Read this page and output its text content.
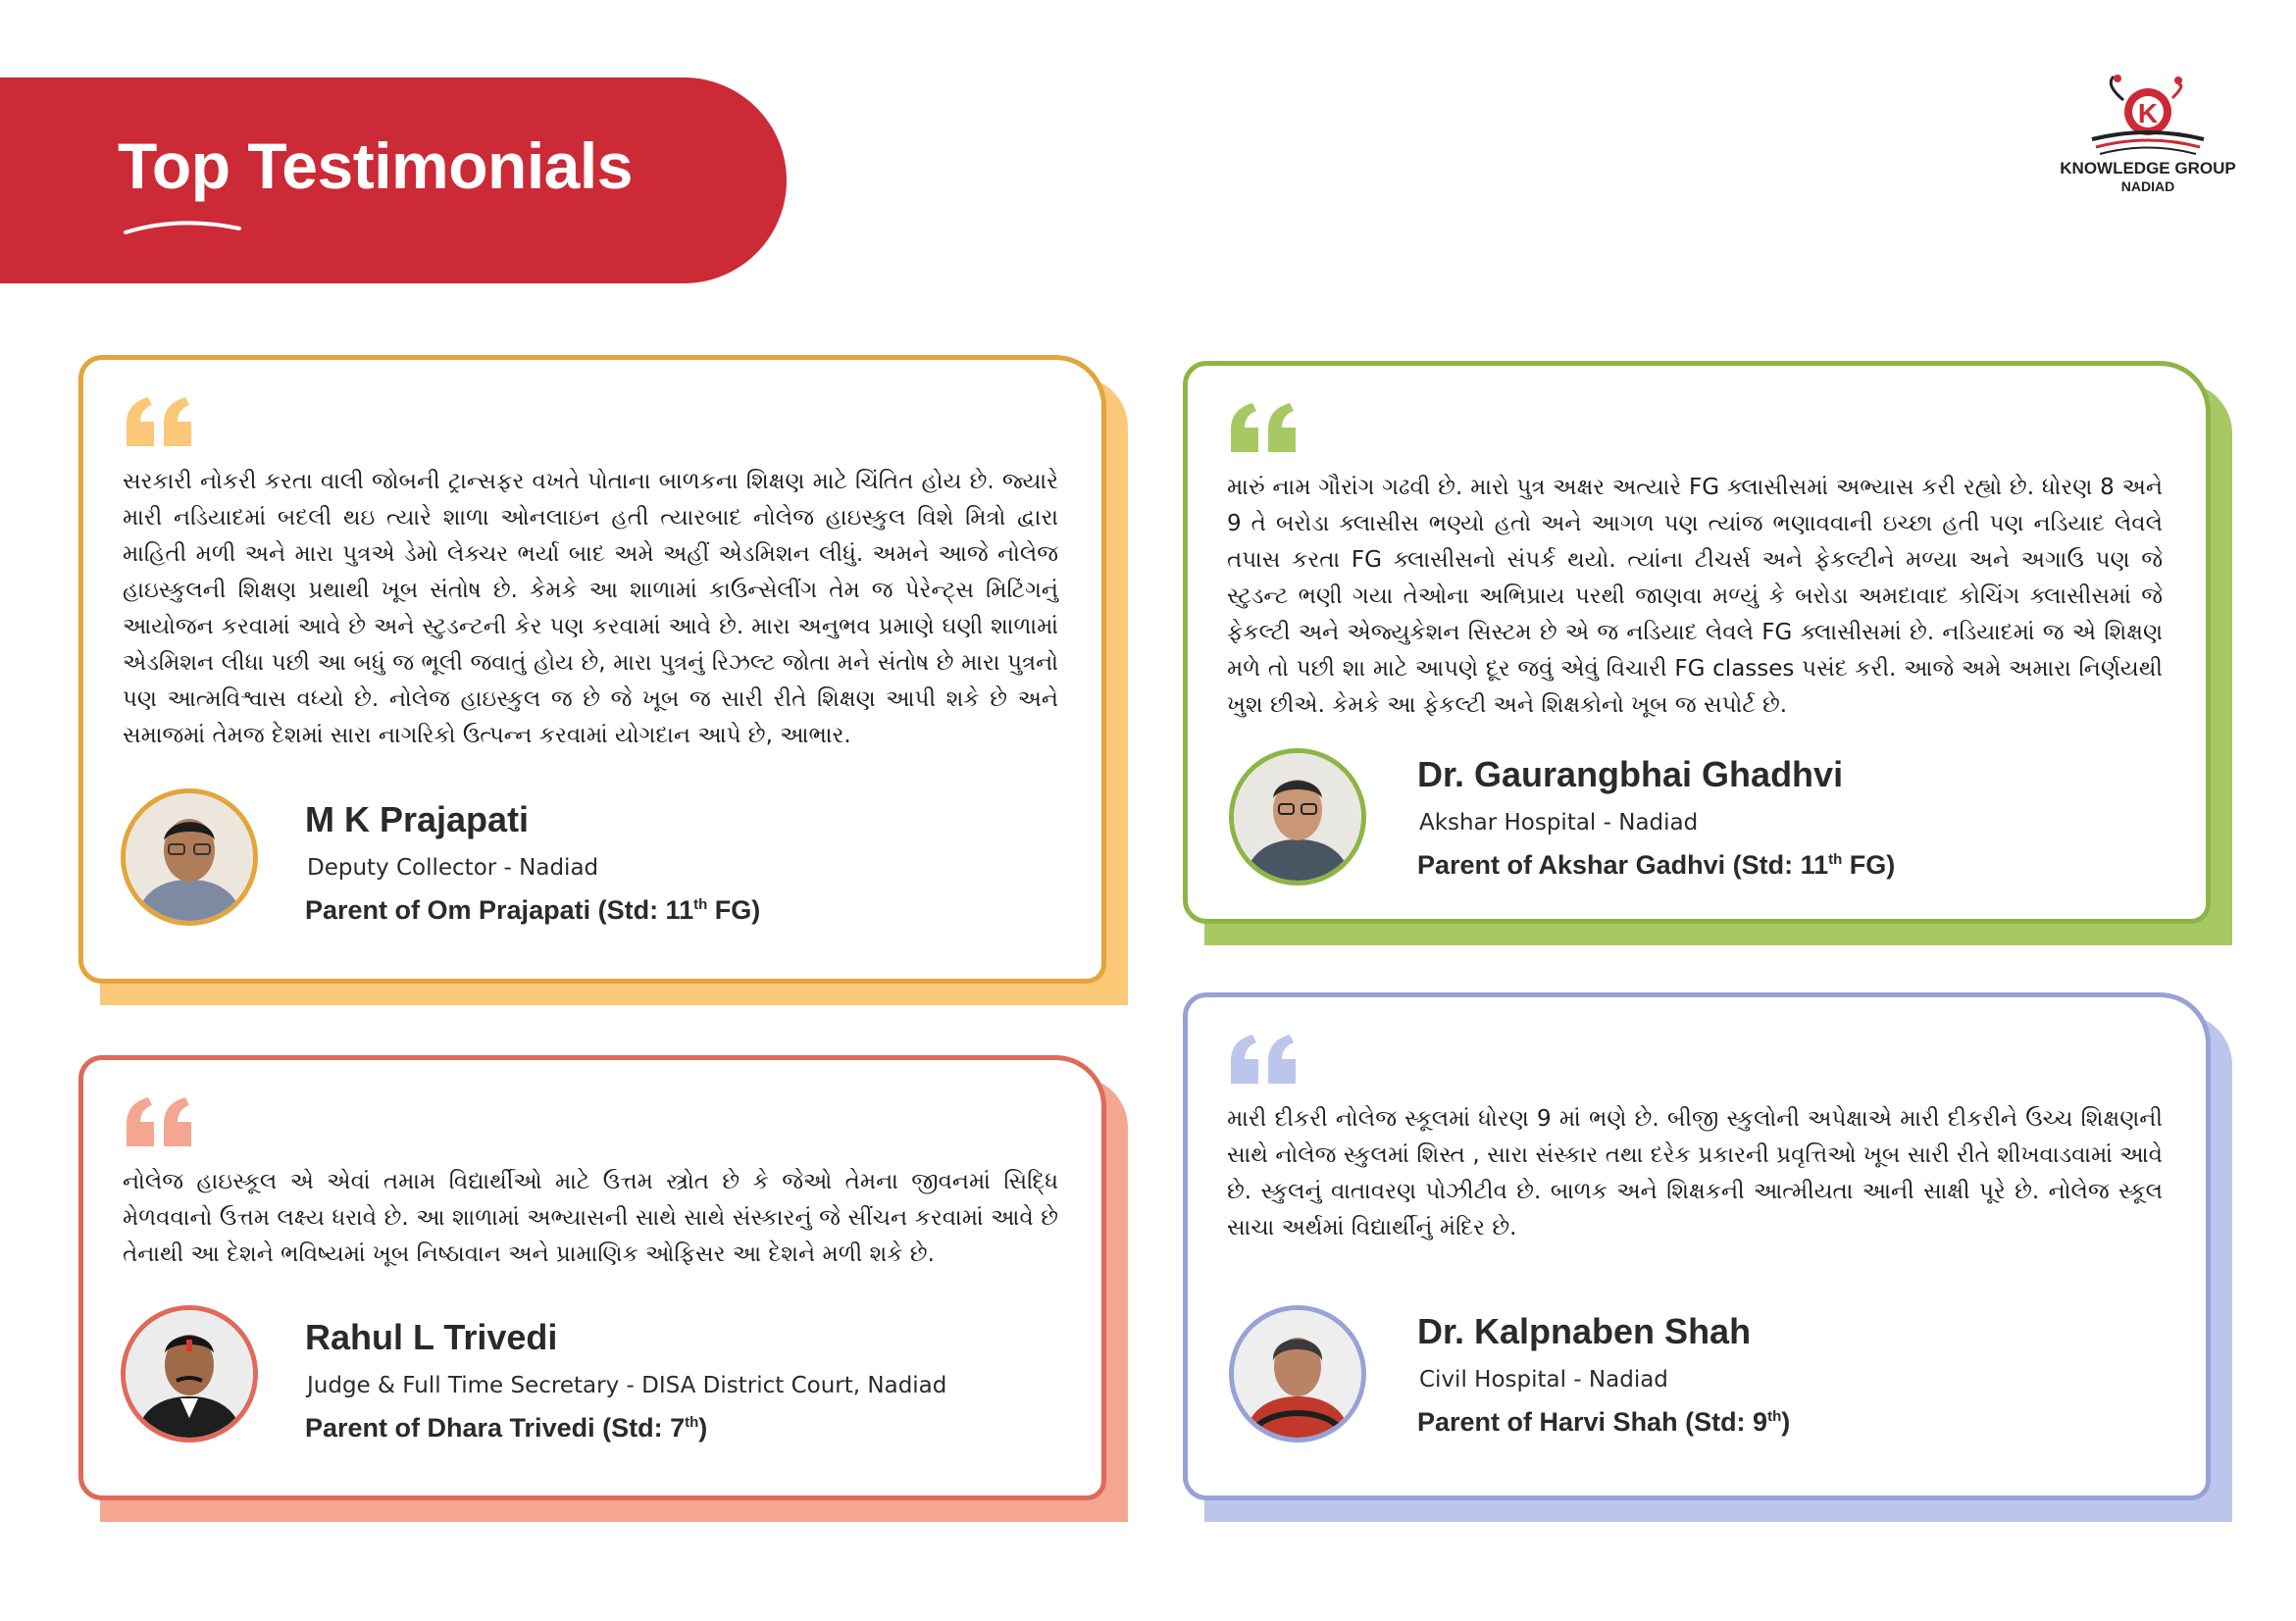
Top Testimonials
K
KNOWLEDGE GROUP
NADIAD
સરકારી નોકરી કરતા વાલી જોબની ટ્રાન્સફર વખતે પોતાના બાળકના શિક્ષણ માટે ચિંતિત હોય છે. જ્યારે મારી નડિયાદમાં બદલી થઇ ત્યારે શાળા ઓનલાઇન હતી ત્યારબાદ નોલેજ હાઇસ્કુલ વિશે મિત્રો દ્વારા માહિતી મળી અને મારા પુત્રએ ડેમો લેક્ચર ભર્યા બાદ અમે અહીં એડમિશન લીધું. અમને આજે નોલેજ હાઇસ્કુલની શિક્ષણ પ્રથાથી ખૂબ સંતોષ છે. કેમકે આ શાળામાં કાઉન્સેલીંગ તેમ જ પેરેન્ટ્સ મિટિંગનું આયોજન કરવામાં આવે છે અને સ્ટુડન્ટની કેર પણ કરવામાં આવે છે. મારા અનુભવ પ્રમાણે ઘણી શાળામાં એડમિશન લીધા પછી આ બધું જ ભૂલી જવાતું હોય છે, મારા પુત્રનું રિઝલ્ટ જોતા મને સંતોષ છે મારા પુત્રનો પણ આત્મવિશ્વાસ વધ્યો છે. નોલેજ હાઇસ્કુલ જ છે જે ખૂબ જ સારી રીતે શિક્ષણ આપી શકે છે અને સમાજમાં તેમજ દેશમાં સારા નાગરિકો ઉત્પન્ન કરવામાં યોગદાન આપે છે, આભાર.
M K Prajapati
Deputy Collector - Nadiad
Parent of Om Prajapati (Std: 11th FG)
મારું નામ ગૌરાંગ ગઢવી છે. મારો પુત્ર અક્ષર અત્યારે FG ક્લાસીસમાં અભ્યાસ કરી રહ્યો છે. ધોરણ 8 અને 9 તે બરોડા ક્લાસીસ ભણ્યો હતો અને આગળ પણ ત્યાંજ ભણાવવાની ઇચ્છા હતી પણ નડિયાદ લેવલે તપાસ કરતા FG ક્લાસીસનો સંપર્ક થયો. ત્યાંના ટીચર્સ અને ફેકલ્ટીને મળ્યા અને અગાઉ પણ જે સ્ટુડન્ટ ભણી ગયા તેઓના અભિપ્રાય પરથી જાણવા મળ્યું કે બરોડા અમદાવાદ કોચિંગ ક્લાસીસમાં જે ફેકલ્ટી અને એજ્યુકેશન સિસ્ટમ છે એ જ નડિયાદ લેવલે FG ક્લાસીસમાં છે. નડિયાદમાં જ એ શિક્ષણ મળે તો પછી શા માટે આપણે દૂર જવું એવું વિચારી FG classes પસંદ કરી. આજે અમે અમારા નિર્ણયથી ખુશ છીએ. કેમકે આ ફેકલ્ટી અને શિક્ષકોનો ખૂબ જ સપોર્ટ છે.
Dr. Gaurangbhai Ghadhvi
Akshar Hospital - Nadiad
Parent of Akshar Gadhvi (Std: 11th FG)
નોલેજ હાઇસ્કૂલ એ એવાં તમામ વિદ્યાર્થીઓ માટે ઉત્તમ સ્ત્રોત છે કે જેઓ તેમના જીવનમાં સિદ્ધિ મેળવવાનો ઉત્તમ લક્ષ્ય ધરાવે છે. આ શાળામાં અભ્યાસની સાથે સાથે સંસ્કારનું જે સીંચન કરવામાં આવે છે તેનાથી આ દેશને ભવિષ્યમાં ખૂબ નિષ્ઠાવાન અને પ્રામાણિક ઓફિસર આ દેશને મળી શકે છે.
Rahul L Trivedi
Judge & Full Time Secretary - DISA District Court, Nadiad
Parent of Dhara Trivedi (Std: 7th)
મારી દીકરી નોલેજ સ્કૂલમાં ધોરણ 9 માં ભણે છે. બીજી સ્કુલોની અપેક્ષાએ મારી દીકરીને ઉચ્ચ શિક્ષણની સાથે નોલેજ સ્કુલમાં શિસ્ત , સારા સંસ્કાર તથા દરેક પ્રકારની પ્રવૃત્તિઓ ખૂબ સારી રીતે શીખવાડવામાં આવે છે. સ્કુલનું વાતાવરણ પોઝીટીવ છે. બાળક અને શિક્ષકની આત્મીયતા આની સાક્ષી પૂરે છે. નોલેજ સ્કૂલ સાચા અર્થમાં વિદ્યાર્થીનું મંદિર છે.
Dr. Kalpnaben Shah
Civil Hospital - Nadiad
Parent of Harvi Shah (Std: 9th)
